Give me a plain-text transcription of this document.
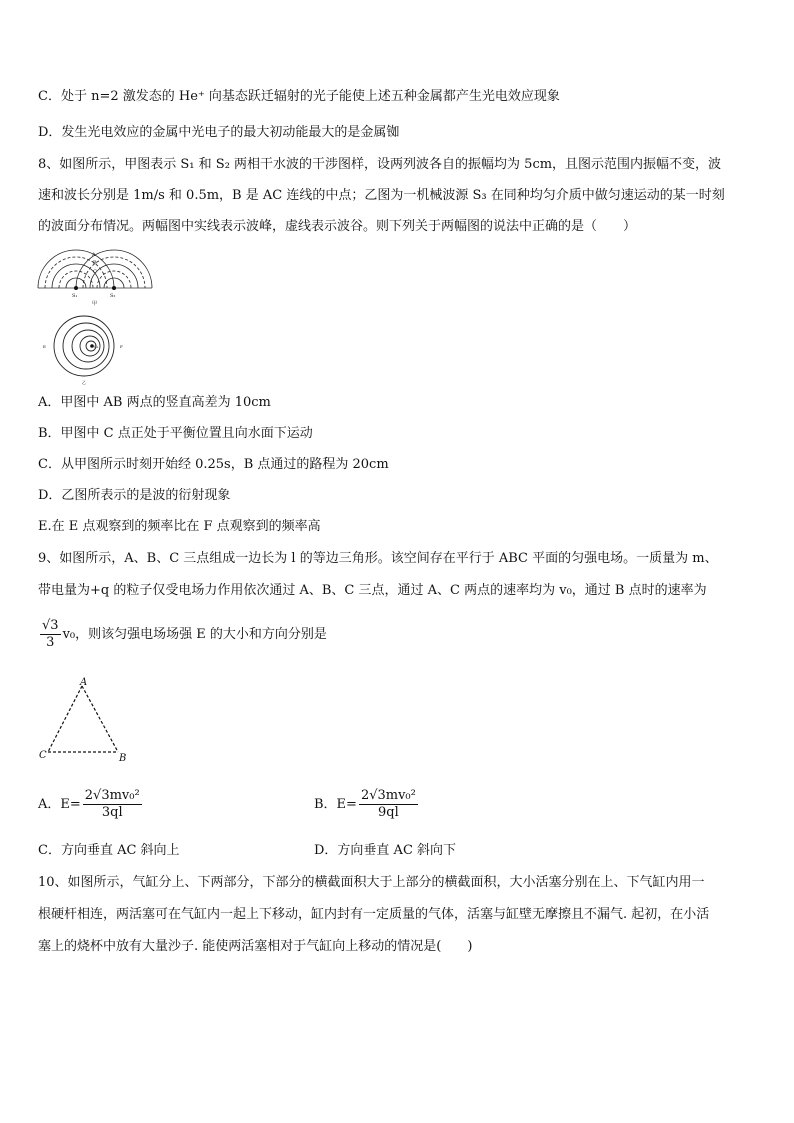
C．处于 n=2 激发态的 He⁺ 向基态跃迁辐射的光子能使上述五种金属都产生光电效应现象
D．发生光电效应的金属中光电子的最大初动能最大的是金属铷
8、如图所示，甲图表示 S₁ 和 S₂ 两相干水波的干涉图样，设两列波各自的振幅均为 5cm，且图示范围内振幅不变，波
速和波长分别是 1m/s 和 0.5m，B 是 AC 连线的中点；乙图为一机械波源 S₃ 在同种均匀介质中做匀速运动的某一时刻
的波面分布情况。两幅图中实线表示波峰，虚线表示波谷。则下列关于两幅图的说法中正确的是（　　）
A
B
C
S₁	S₂
甲
S₃
E	F
乙
A．甲图中 AB 两点的竖直高差为 10cm
B．甲图中 C 点正处于平衡位置且向水面下运动
C．从甲图所示时刻开始经 0.25s，B 点通过的路程为 20cm
D．乙图所表示的是波的衍射现象
E.在 E 点观察到的频率比在 F 点观察到的频率高
9、如图所示，A、B、C 三点组成一边长为 l 的等边三角形。该空间存在平行于 ABC 平面的匀强电场。一质量为 m、
带电量为+q 的粒子仅受电场力作用依次通过 A、B、C 三点，通过 A、C 两点的速率均为 v₀，通过 B 点时的速率为
$\frac{√3}{3} v_0$，则该匀强电场场强 E 的大小和方向分别是
A
B
C
A．$E= \frac{\text{2√3mv₀²}}{3ql}$	B．$E= \frac{\text{2√3mv₀²}}{9ql}$
C．方向垂直 AC 斜向上	D．方向垂直 AC 斜向下
10、如图所示，气缸分上、下两部分，下部分的横截面积大于上部分的横截面积，大小活塞分别在上、下气缸内用一
根硬杆相连，两活塞可在气缸内一起上下移动，缸内封有一定质量的气体，活塞与缸壁无摩擦且不漏气. 起初，在小活
塞上的烧杯中放有大量沙子. 能使两活塞相对于气缸向上移动的情况是(　　)
